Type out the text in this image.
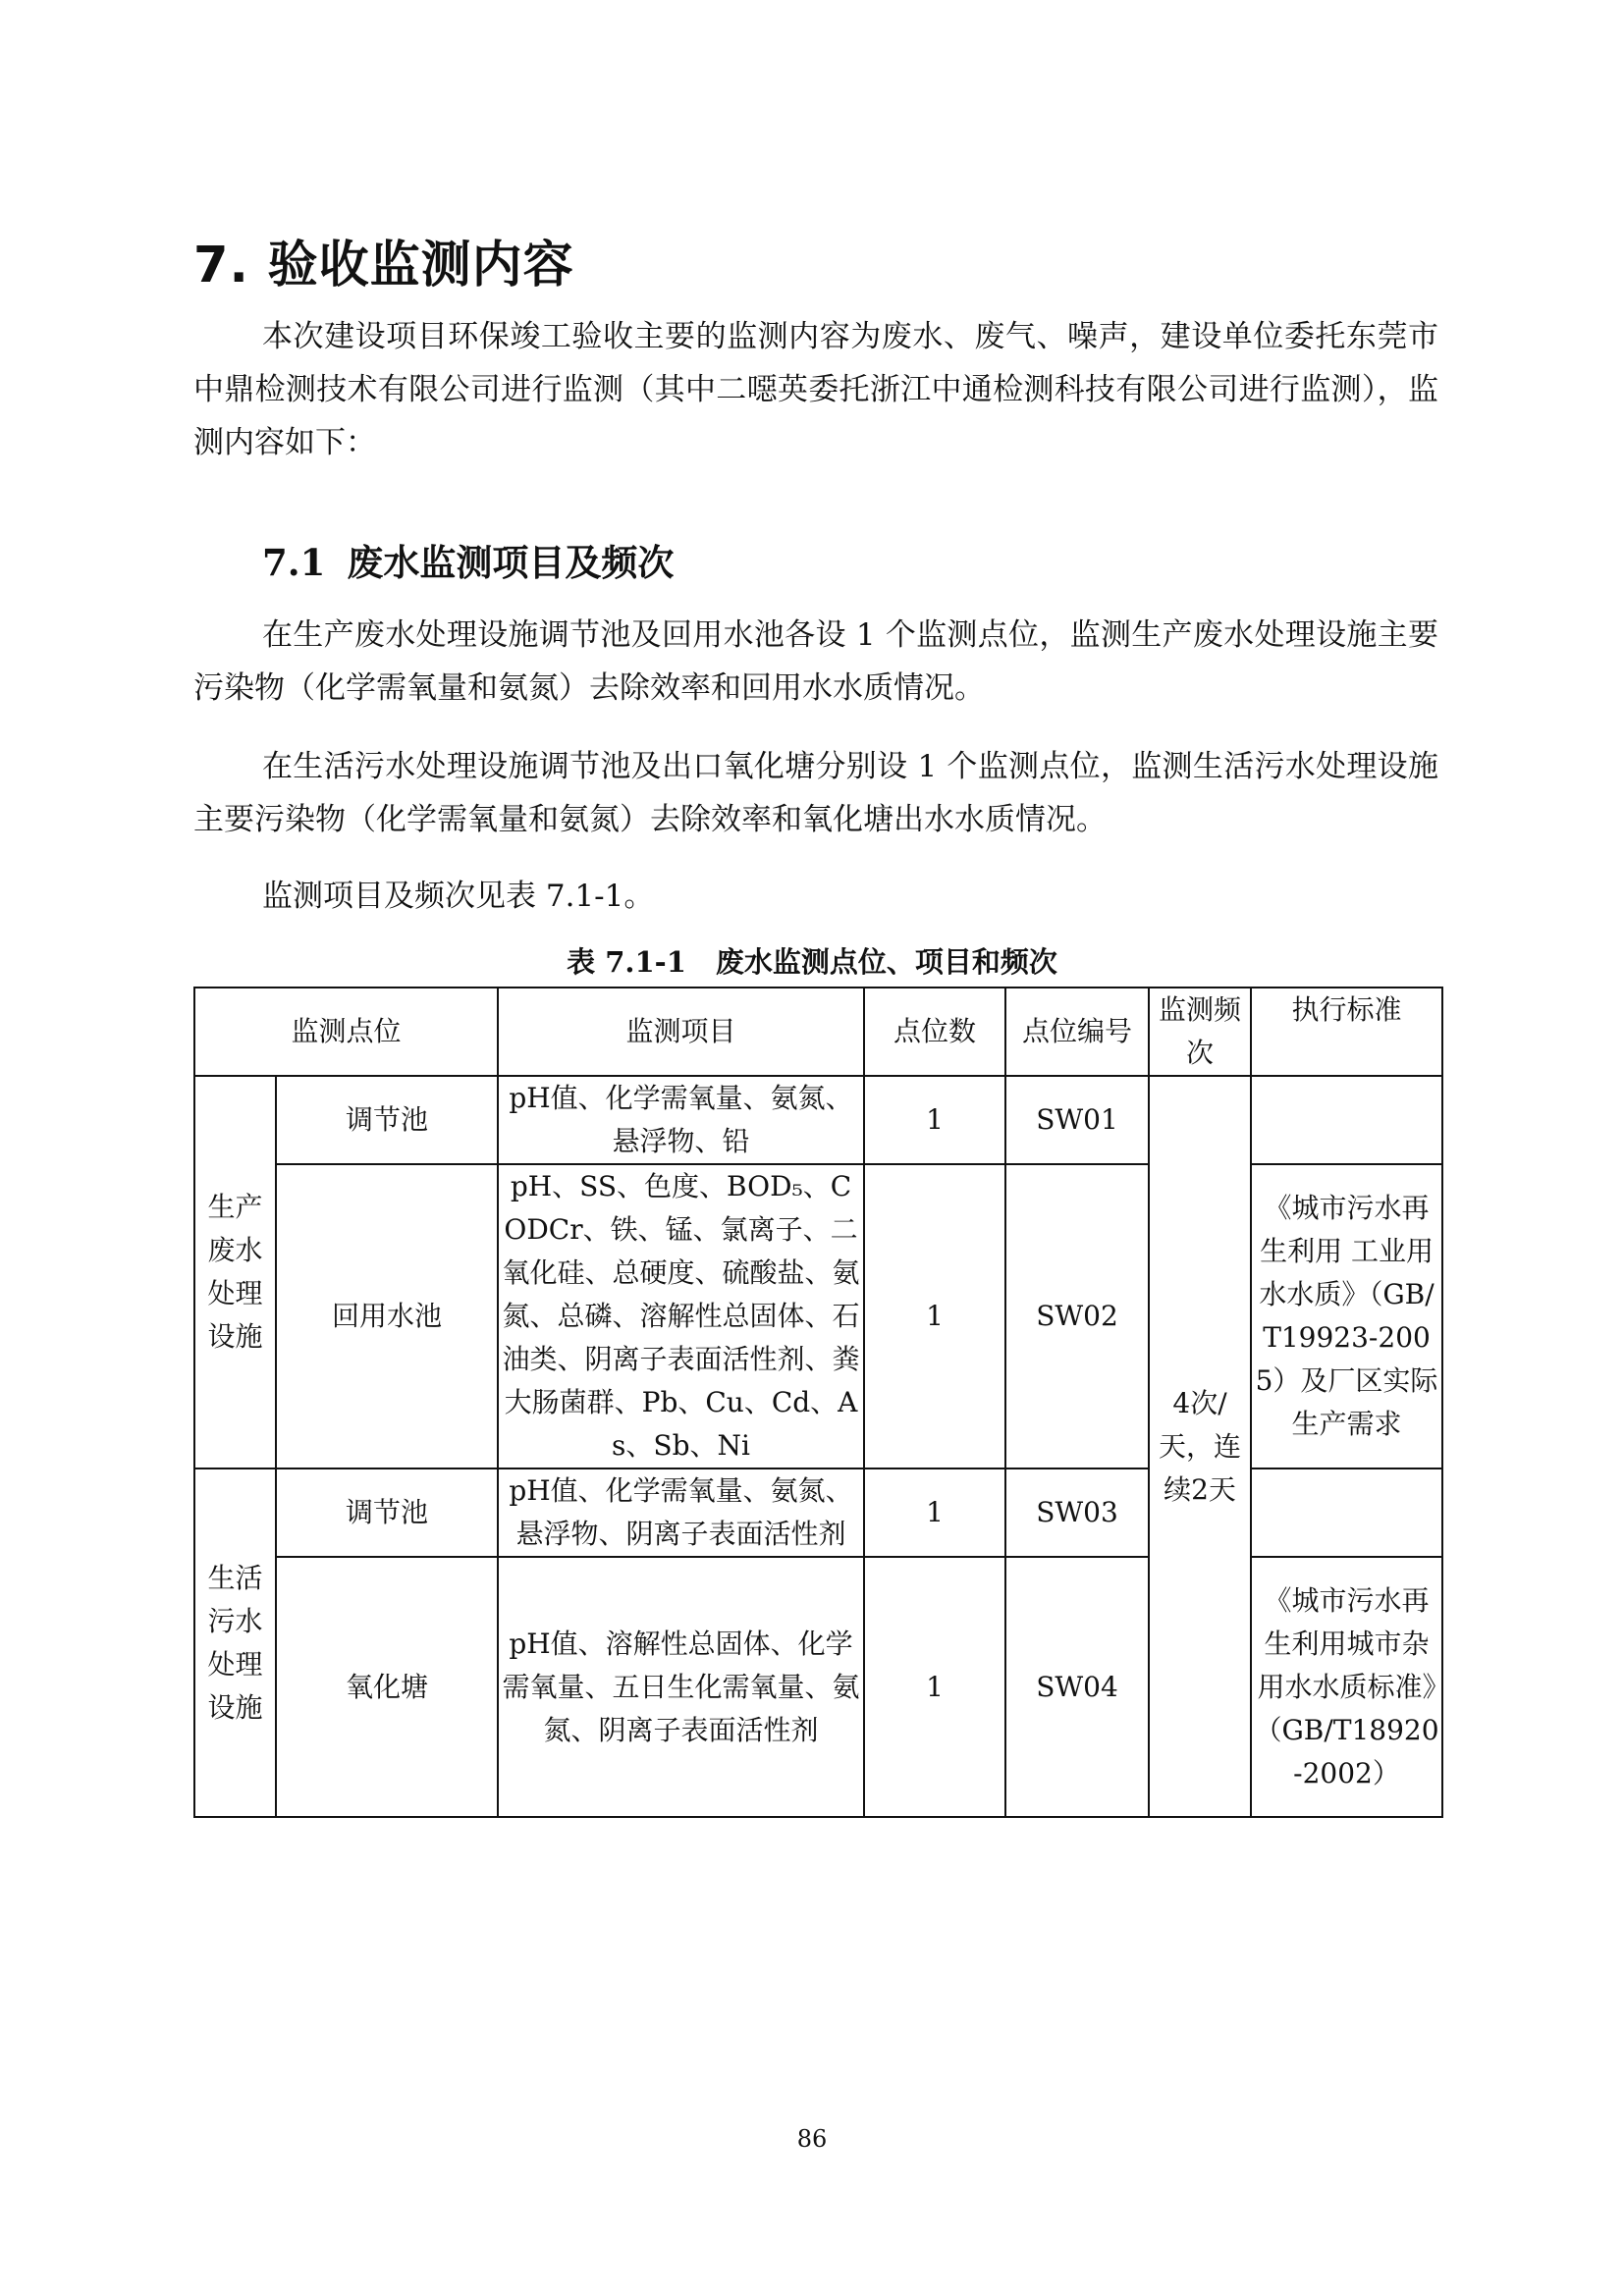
7. 验收监测内容

本次建设项目环保竣工验收主要的监测内容为废水、废气、噪声，建设单位委托东莞市中鼎检测技术有限公司进行监测（其中二噁英委托浙江中通检测科技有限公司进行监测），监测内容如下：

7.1 废水监测项目及频次

在生产废水处理设施调节池及回用水池各设 1 个监测点位，监测生产废水处理设施主要污染物（化学需氧量和氨氮）去除效率和回用水水质情况。

在生活污水处理设施调节池及出口氧化塘分别设 1 个监测点位，监测生活污水处理设施主要污染物（化学需氧量和氨氮）去除效率和氧化塘出水水质情况。

监测项目及频次见表 7.1-1。

表 7.1-1 废水监测点位、项目和频次
监测点位		监测项目	点位数	点位编号	监测频次	执行标准
生产废水处理设施	调节池	pH值、化学需氧量、氨氮、悬浮物、铅	1	SW01	4次/天，连续2天	
	回用水池	pH、SS、色度、BOD₅、CODCr、铁、锰、氯离子、二氧化硅、总硬度、硫酸盐、氨氮、总磷、溶解性总固体、石油类、阴离子表面活性剂、粪大肠菌群、Pb、Cu、Cd、As、Sb、Ni	1	SW02		《城市污水再生利用 工业用水水质》（GB/T19923-2005）及厂区实际生产需求
生活污水处理设施	调节池	pH值、化学需氧量、氨氮、悬浮物、阴离子表面活性剂	1	SW03		
	氧化塘	pH值、溶解性总固体、化学需氧量、五日生化需氧量、氨氮、阴离子表面活性剂	1	SW04		《城市污水再生利用城市杂用水水质标准》（GB/T18920-2002）
86
